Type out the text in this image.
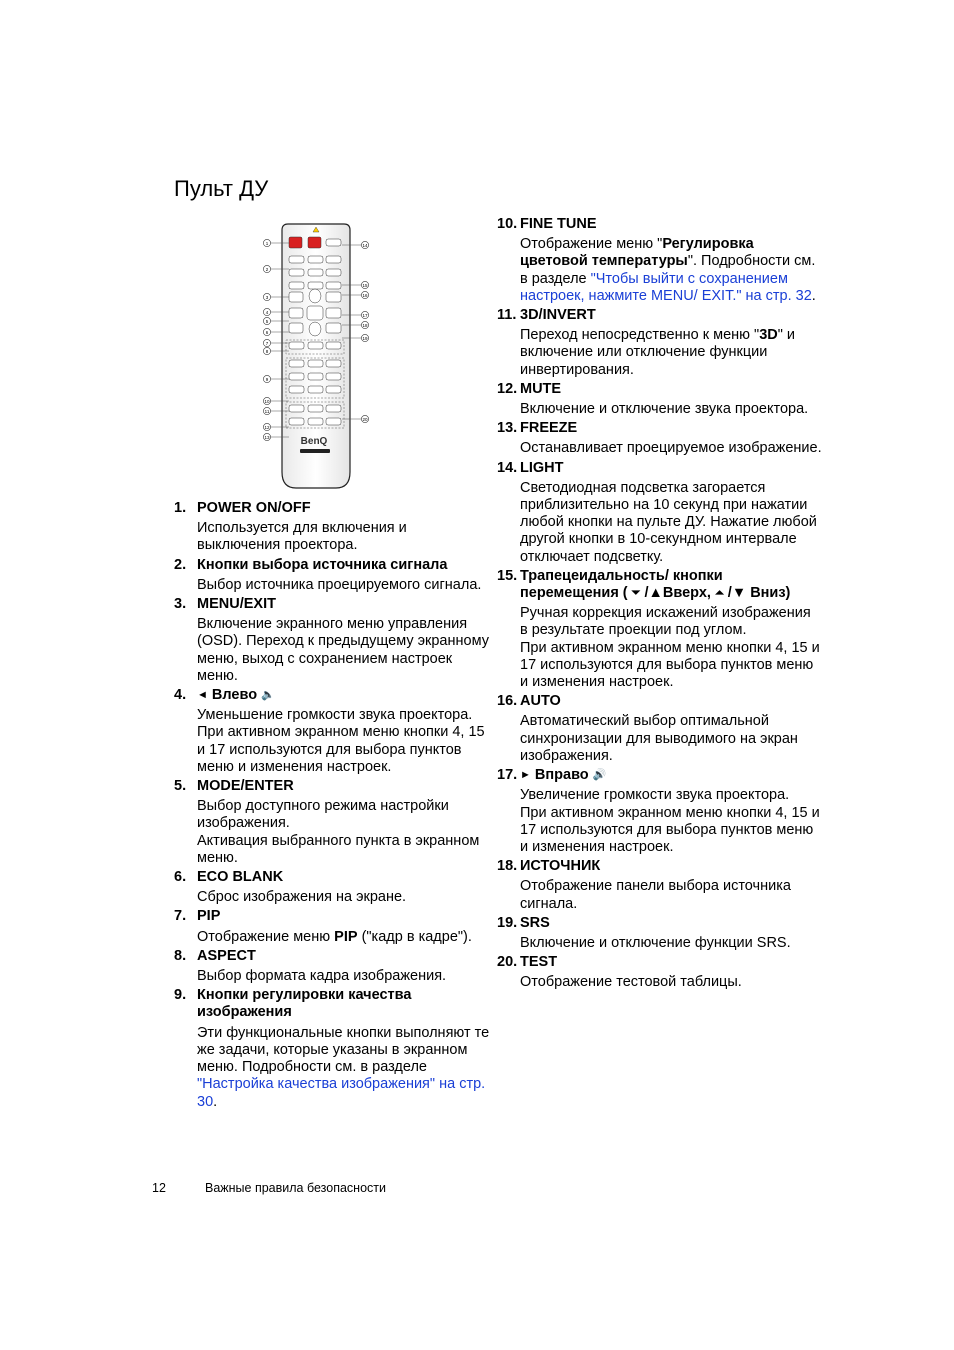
Пульт ДУ
BenQ
1
2
3
4
5
6
7
8
9
10
11
12
13
14
15
16
17
18
19
20
1. POWER ON/OFF

Используется для включения и выключения проектора.

2. Кнопки выбора источника сигнала

Выбор источника проецируемого сигнала.

3. MENU/EXIT

Включение экранного меню управления (OSD). Переход к предыдущему экранному меню, выход с сохранением настроек меню.

4. ◄ Влево 🔈

Уменьшение громкости звука проектора.

При активном экранном меню кнопки 4, 15 и 17 используются для выбора пунктов меню и изменения настроек.

5. MODE/ENTER

Выбор доступного режима настройки изображения.

Активация выбранного пункта в экранном меню.

6. ECO BLANK

Сброс изображения на экране.

7. PIP

Отображение меню PIP ("кадр в кадре").

8. ASPECT

Выбор формата кадра изображения.

9. Кнопки регулировки качества изображения

Эти функциональные кнопки выполняют те же задачи, которые указаны в экранном меню. Подробности см. в разделе "Настройка качества изображения" на стр. 30.

10. FINE TUNE

Отображение меню "Регулировка цветовой температуры". Подробности см. в разделе "Чтобы выйти с сохранением настроек, нажмите MENU/ EXIT." на стр. 32.

11. 3D/INVERT

Переход непосредственно к меню "3D" и включение или отключение функции инвертирования.

12. MUTE

Включение и отключение звука проектора.

13. FREEZE

Останавливает проецируемое изображение.

14. LIGHT

Светодиодная подсветка загорается приблизительно на 10 секунд при нажатии любой кнопки на пульте ДУ. Нажатие любой другой кнопки в 10-секундном интервале отключает подсветку.

15. Трапецеидальность/ кнопки
перемещения ( ⏷ /▲Вверх, ⏶ /▼ Вниз)

Ручная коррекция искажений изображения в результате проекции под углом.

При активном экранном меню кнопки 4, 15 и 17 используются для выбора пунктов меню и изменения настроек.

16. AUTO

Автоматический выбор оптимальной синхронизации для выводимого на экран изображения.

17. ► Вправо 🔊

Увеличение громкости звука проектора.

При активном экранном меню кнопки 4, 15 и 17 используются для выбора пунктов меню и изменения настроек.

18. ИСТОЧНИК

Отображение панели выбора источника сигнала.

19. SRS

Включение и отключение функции SRS.

20. TEST

Отображение тестовой таблицы.

12	Важные правила безопасности
